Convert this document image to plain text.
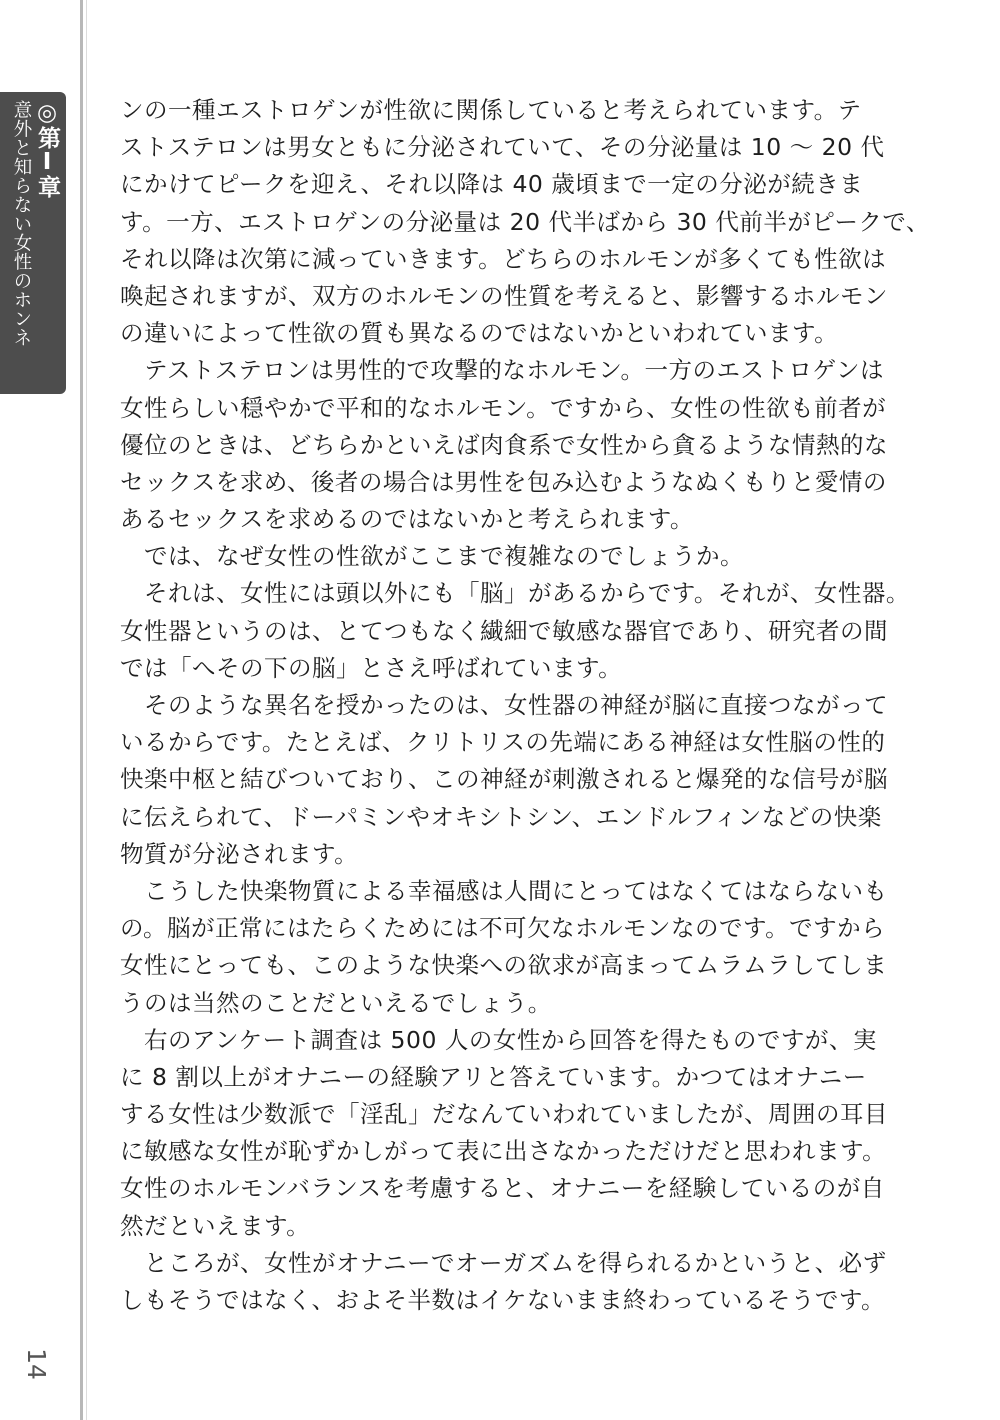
◎第Ⅰ章
意外と知らない女性のホンネ
14
ンの一種エストロゲンが性欲に関係していると考えられています。テ
ストステロンは男女ともに分泌されていて、その分泌量は 10 ～ 20 代
にかけてピークを迎え、それ以降は 40 歳頃まで一定の分泌が続きま
す。一方、エストロゲンの分泌量は 20 代半ばから 30 代前半がピークで、
それ以降は次第に減っていきます。どちらのホルモンが多くても性欲は
喚起されますが、双方のホルモンの性質を考えると、影響するホルモン
の違いによって性欲の質も異なるのではないかといわれています。
　テストステロンは男性的で攻撃的なホルモン。一方のエストロゲンは
女性らしい穏やかで平和的なホルモン。ですから、女性の性欲も前者が
優位のときは、どちらかといえば肉食系で女性から貪るような情熱的な
セックスを求め、後者の場合は男性を包み込むようなぬくもりと愛情の
あるセックスを求めるのではないかと考えられます。
　では、なぜ女性の性欲がここまで複雑なのでしょうか。
　それは、女性には頭以外にも「脳」があるからです。それが、女性器。
女性器というのは、とてつもなく繊細で敏感な器官であり、研究者の間
では「へその下の脳」とさえ呼ばれています。
　そのような異名を授かったのは、女性器の神経が脳に直接つながって
いるからです。たとえば、クリトリスの先端にある神経は女性脳の性的
快楽中枢と結びついており、この神経が刺激されると爆発的な信号が脳
に伝えられて、ドーパミンやオキシトシン、エンドルフィンなどの快楽
物質が分泌されます。
　こうした快楽物質による幸福感は人間にとってはなくてはならないも
の。脳が正常にはたらくためには不可欠なホルモンなのです。ですから
女性にとっても、このような快楽への欲求が高まってムラムラしてしま
うのは当然のことだといえるでしょう。
　右のアンケート調査は 500 人の女性から回答を得たものですが、実
に 8 割以上がオナニーの経験アリと答えています。かつてはオナニー
する女性は少数派で「淫乱」だなんていわれていましたが、周囲の耳目
に敏感な女性が恥ずかしがって表に出さなかっただけだと思われます。
女性のホルモンバランスを考慮すると、オナニーを経験しているのが自
然だといえます。
　ところが、女性がオナニーでオーガズムを得られるかというと、必ず
しもそうではなく、およそ半数はイケないまま終わっているそうです。
